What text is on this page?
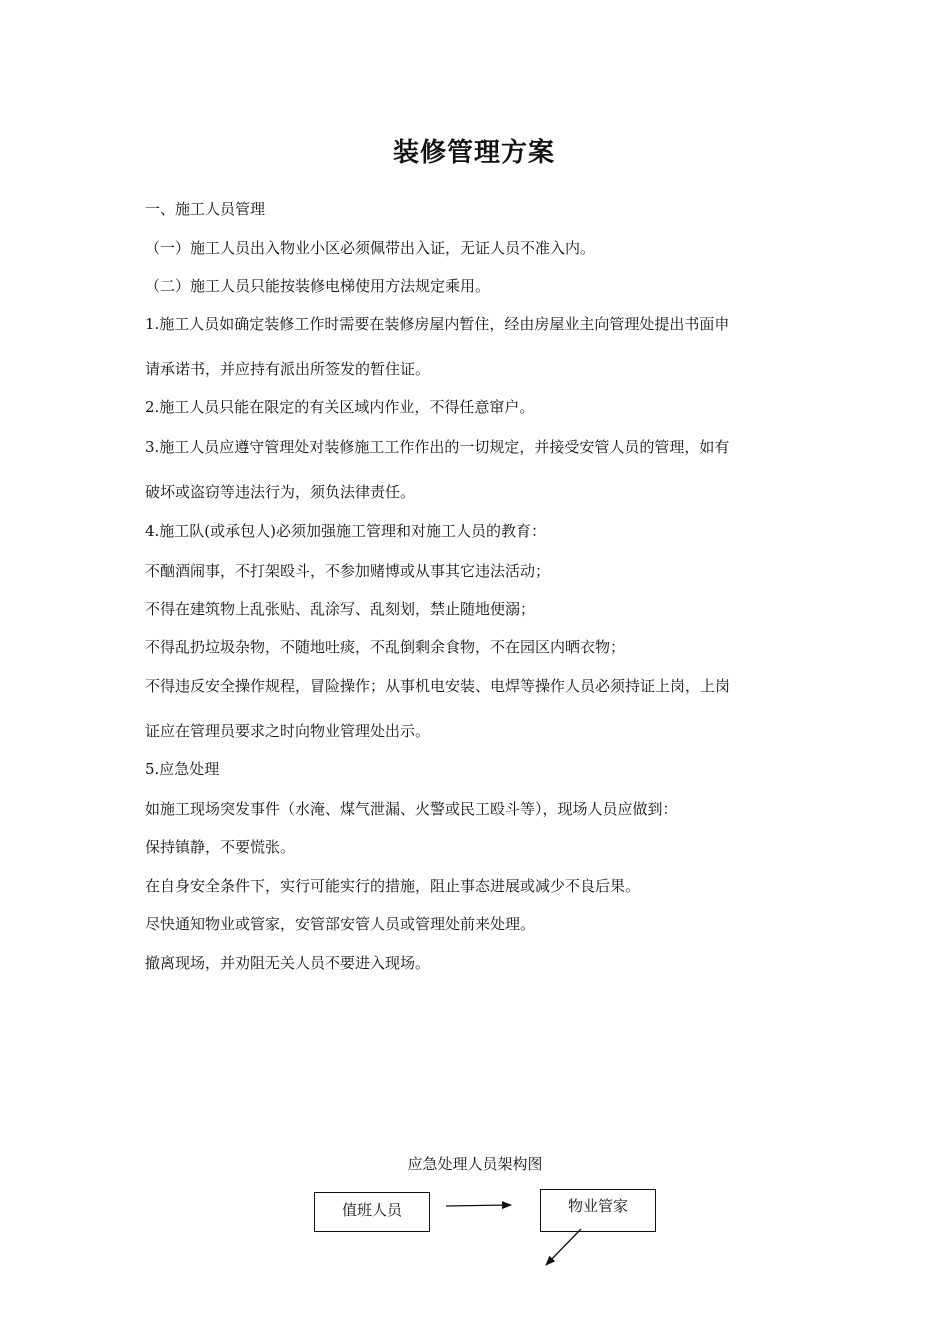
装修管理方案
一、施工人员管理
（一）施工人员出入物业小区必须佩带出入证，无证人员不准入内。
（二）施工人员只能按装修电梯使用方法规定乘用。
1.施工人员如确定装修工作时需要在装修房屋内暂住，经由房屋业主向管理处提出书面申
请承诺书，并应持有派出所签发的暂住证。
2.施工人员只能在限定的有关区域内作业，不得任意窜户。
3.施工人员应遵守管理处对装修施工工作作出的一切规定，并接受安管人员的管理，如有
破坏或盗窃等违法行为，须负法律责任。
4.施工队(或承包人)必须加强施工管理和对施工人员的教育：
不酗酒闹事，不打架殴斗，不参加赌博或从事其它违法活动；
不得在建筑物上乱张贴、乱涂写、乱刻划，禁止随地便溺；
不得乱扔垃圾杂物，不随地吐痰，不乱倒剩余食物，不在园区内晒衣物；
不得违反安全操作规程，冒险操作；从事机电安装、电焊等操作人员必须持证上岗，上岗
证应在管理员要求之时向物业管理处出示。
5.应急处理
如施工现场突发事件（水淹、煤气泄漏、火警或民工殴斗等），现场人员应做到：
保持镇静，不要慌张。
在自身安全条件下，实行可能实行的措施，阻止事态进展或减少不良后果。
尽快通知物业或管家，安管部安管人员或管理处前来处理。
撤离现场，并劝阻无关人员不要进入现场。
应急处理人员架构图
值班人员	物业管家
